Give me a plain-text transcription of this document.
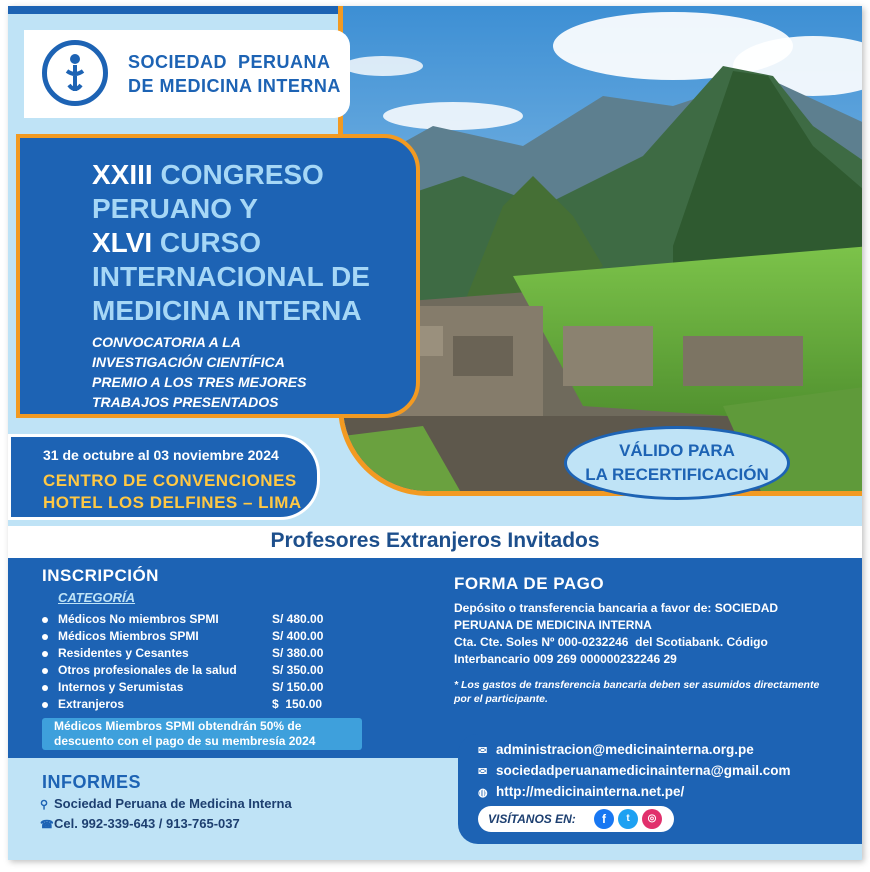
SOCIEDAD  PERUANA
DE MEDICINA INTERNA
XXIII CONGRESO
PERUANO Y
XLVI CURSO
INTERNACIONAL DE
MEDICINA INTERNA
CONVOCATORIA A LA
INVESTIGACIÓN CIENTÍFICA
PREMIO A LOS TRES MEJORES
TRABAJOS PRESENTADOS
31 de octubre al 03 noviembre 2024
CENTRO DE CONVENCIONES
HOTEL LOS DELFINES – LIMA
VÁLIDO PARA
LA RECERTIFICACIÓN
Profesores Extranjeros Invitados
INSCRIPCIÓN
CATEGORÍA
Médicos No miembros SPMI	S/ 480.00
Médicos Miembros SPMI	S/ 400.00
Residentes y Cesantes	S/ 380.00
Otros profesionales de la salud	S/ 350.00
Internos y Serumistas	S/ 150.00
Extranjeros	$  150.00
Médicos Miembros SPMI obtendrán 50% de
descuento con el pago de su membresía 2024
FORMA DE PAGO
Depósito o transferencia bancaria a favor de: SOCIEDAD
PERUANA DE MEDICINA INTERNA
Cta. Cte. Soles Nº 000-0232246  del Scotiabank. Código
Interbancario 009 269 000000232246 29
* Los gastos de transferencia bancaria deben ser asumidos directamente
por el participante.
INFORMES
⚲ Sociedad Peruana de Medicina Interna
☎Cel. 992-339-643 / 913-765-037
✉ administracion@medicinainterna.org.pe
✉ sociedadperuanamedicinainterna@gmail.com
◍ http://medicinainterna.net.pe/
VISÍTANOS EN:	f	t	◎
